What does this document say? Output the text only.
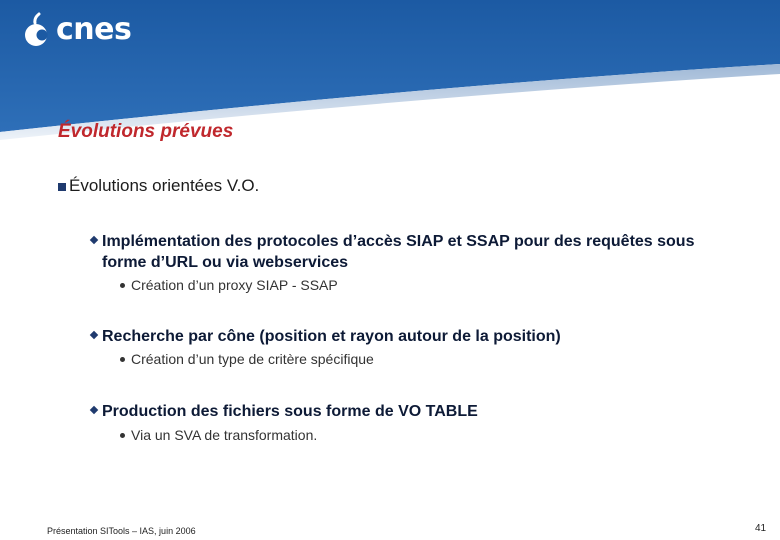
cnes
Évolutions prévues
Évolutions orientées V.O.
Implémentation des protocoles d’accès SIAP et SSAP pour des requêtes sous forme d’URL ou via webservices
Création d’un proxy SIAP - SSAP
Recherche par cône (position et rayon autour de la position)
Création d’un type de critère spécifique
Production des fichiers sous forme de VO TABLE
Via un SVA de transformation.
Présentation SITools – IAS, juin 2006	41
